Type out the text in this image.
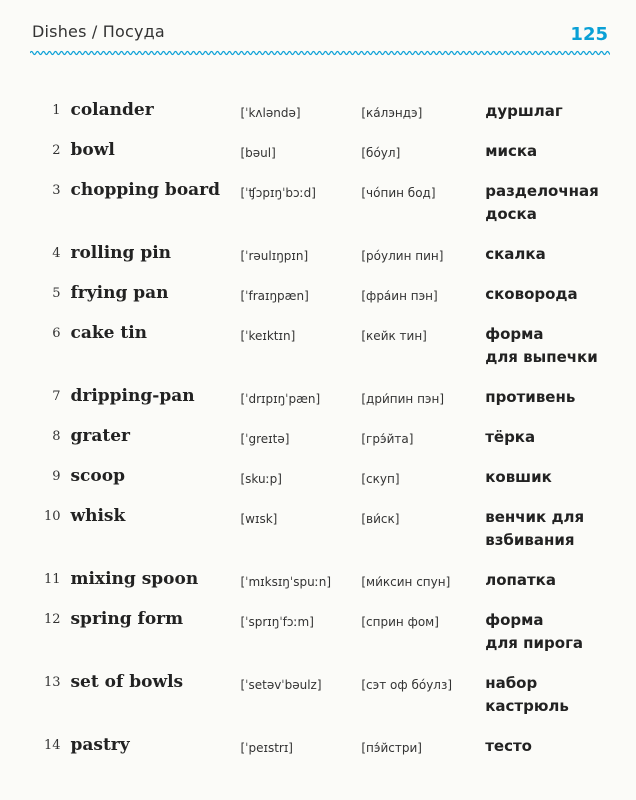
Dishes / Посуда	125
1 colander	[ˈkʌləndə]	[ка́лэндэ]	дуршлаг
2 bowl	[bəul]	[бóул]	миска
3 chopping board	[ˈʧɔpɪŋˈbɔːd]	[чóпин бод]	разделочная
доска
4 rolling pin	[ˈrəulɪŋpɪn]	[рóулин пин]	скалка
5 frying pan	[ˈfraɪŋpæn]	[фра́ин пэн]	сковорода
6 cake tin	[ˈkeɪktɪn]	[кейк тин]	форма
для выпечки
7 dripping-pan	[ˈdrɪpɪŋˈpæn]	[дри́пин пэн]	противень
8 grater	[ˈgreɪtə]	[грэ́йта]	тёрка
9 scoop	[skuːp]	[скуп]	ковшик
10 whisk	[wɪsk]	[ви́ск]	венчик для
взбивания
11 mixing spoon	[ˈmɪksɪŋˈspuːn]	[ми́ксин спун]	лопатка
12 spring form	[ˈsprɪŋˈfɔːm]	[сприн фом]	форма
для пирога
13 set of bowls	[ˈsetəvˈbəulz]	[сэт оф бóулз]	набор
кастрюль
14 pastry	[ˈpeɪstrɪ]	[пэ́йстри]	тесто
